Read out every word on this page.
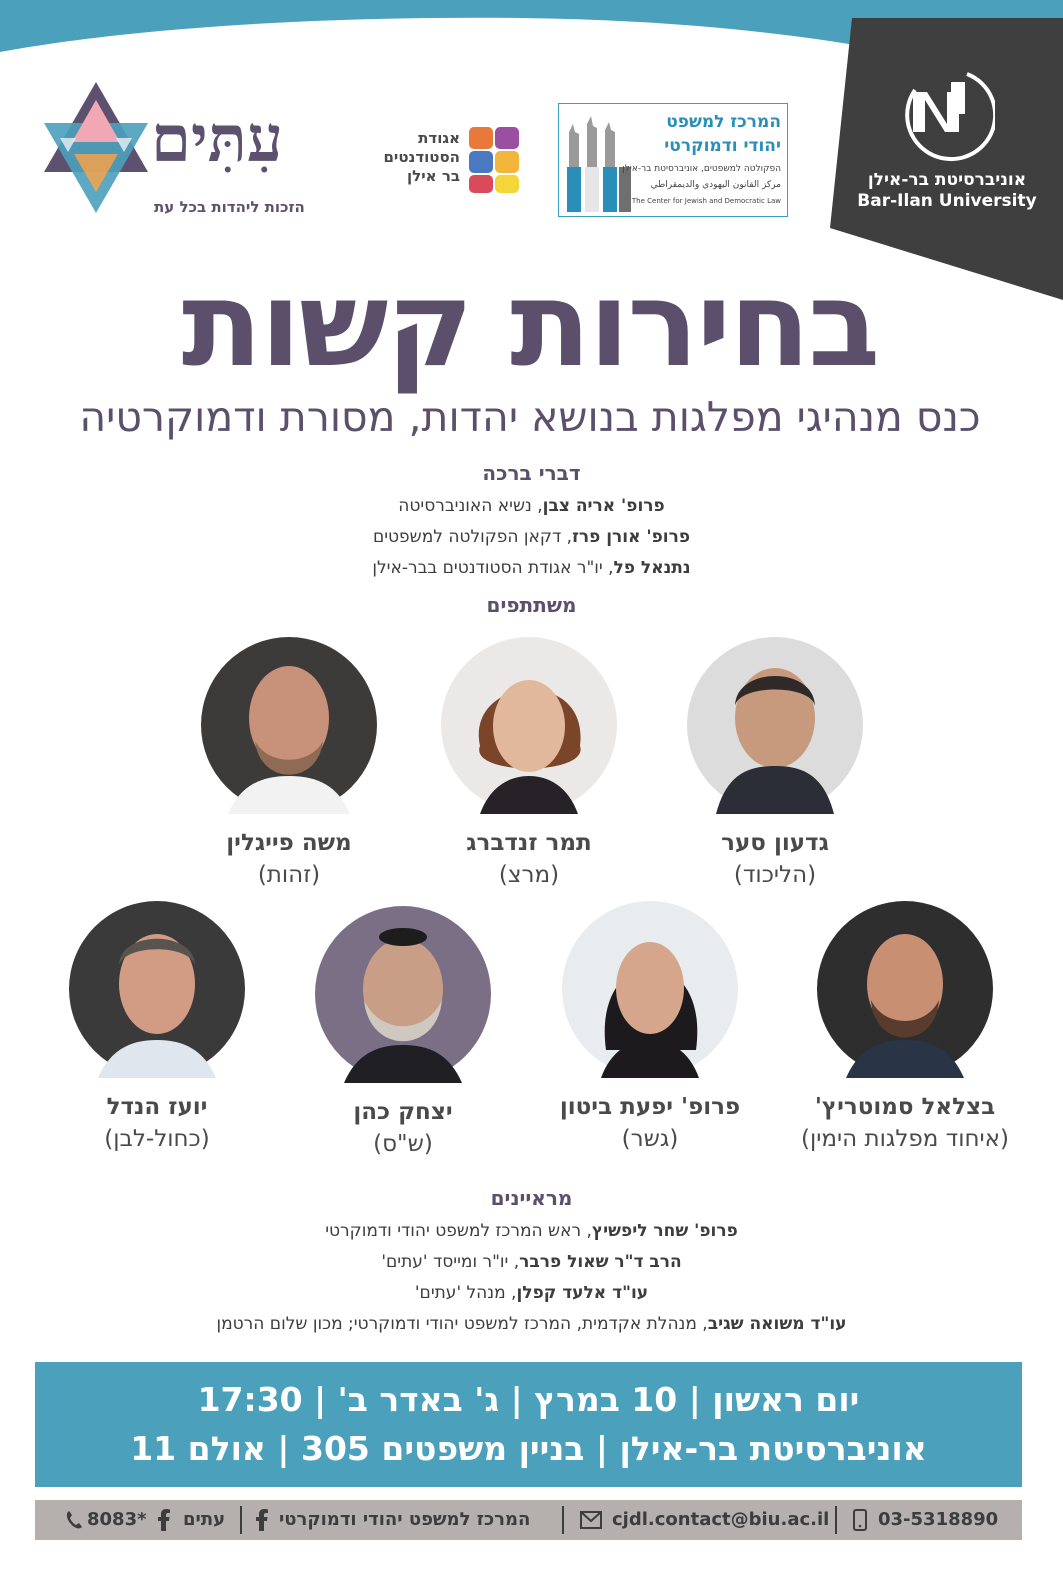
אוניברסיטת בר-אילן
Bar-Ilan University
המרכז למשפט
יהודי ודמוקרטי
הפקולטה למשפטים, אוניברסיטת בר-אילן
مركز القانون اليهودي والديمقراطي
The Center for Jewish and Democratic Law
אגודת
הסטודנטים
בר אילן
עִתִּים
הזכות ליהדות בכל עת
בחירות קשות
כנס מנהיגי מפלגות בנושא יהדות, מסורת ודמוקרטיה
דברי ברכה
פרופ' אריה צבן, נשיא האוניברסיטה
פרופ' אורן פרז, דקאן הפקולטה למשפטים
נתנאל פל, יו"ר אגודת הסטודנטים בבר-אילן
משתתפים
גדעון סער
(הליכוד)
תמר זנדברג
(מרצ)
משה פייגלין
(זהות)
בצלאל סמוטריץ'
(איחוד מפלגות הימין)
פרופ' יפעת ביטון
(גשר)
יצחק כהן
(ש"ס)
יועז הנדל
(כחול-לבן)
מראיינים
פרופ' שחר ליפשיץ, ראש המרכז למשפט יהודי ודמוקרטי
הרב ד"ר שאול פרבר, יו"ר ומייסד 'עתים'
עו"ד אלעד קפלן, מנהל 'עתים'
עו"ד משואה שגיב, מנהלת אקדמית, המרכז למשפט יהודי ודמוקרטי; מכון שלום הרטמן
יום ראשון | 10 במרץ | ג' באדר ב' | 17:30
אוניברסיטת בר-אילן | בניין משפטים 305 | אולם 11
8083* עתים	המרכז למשפט יהודי ודמוקרטי	cjdl.contact@biu.ac.il	03-5318890
